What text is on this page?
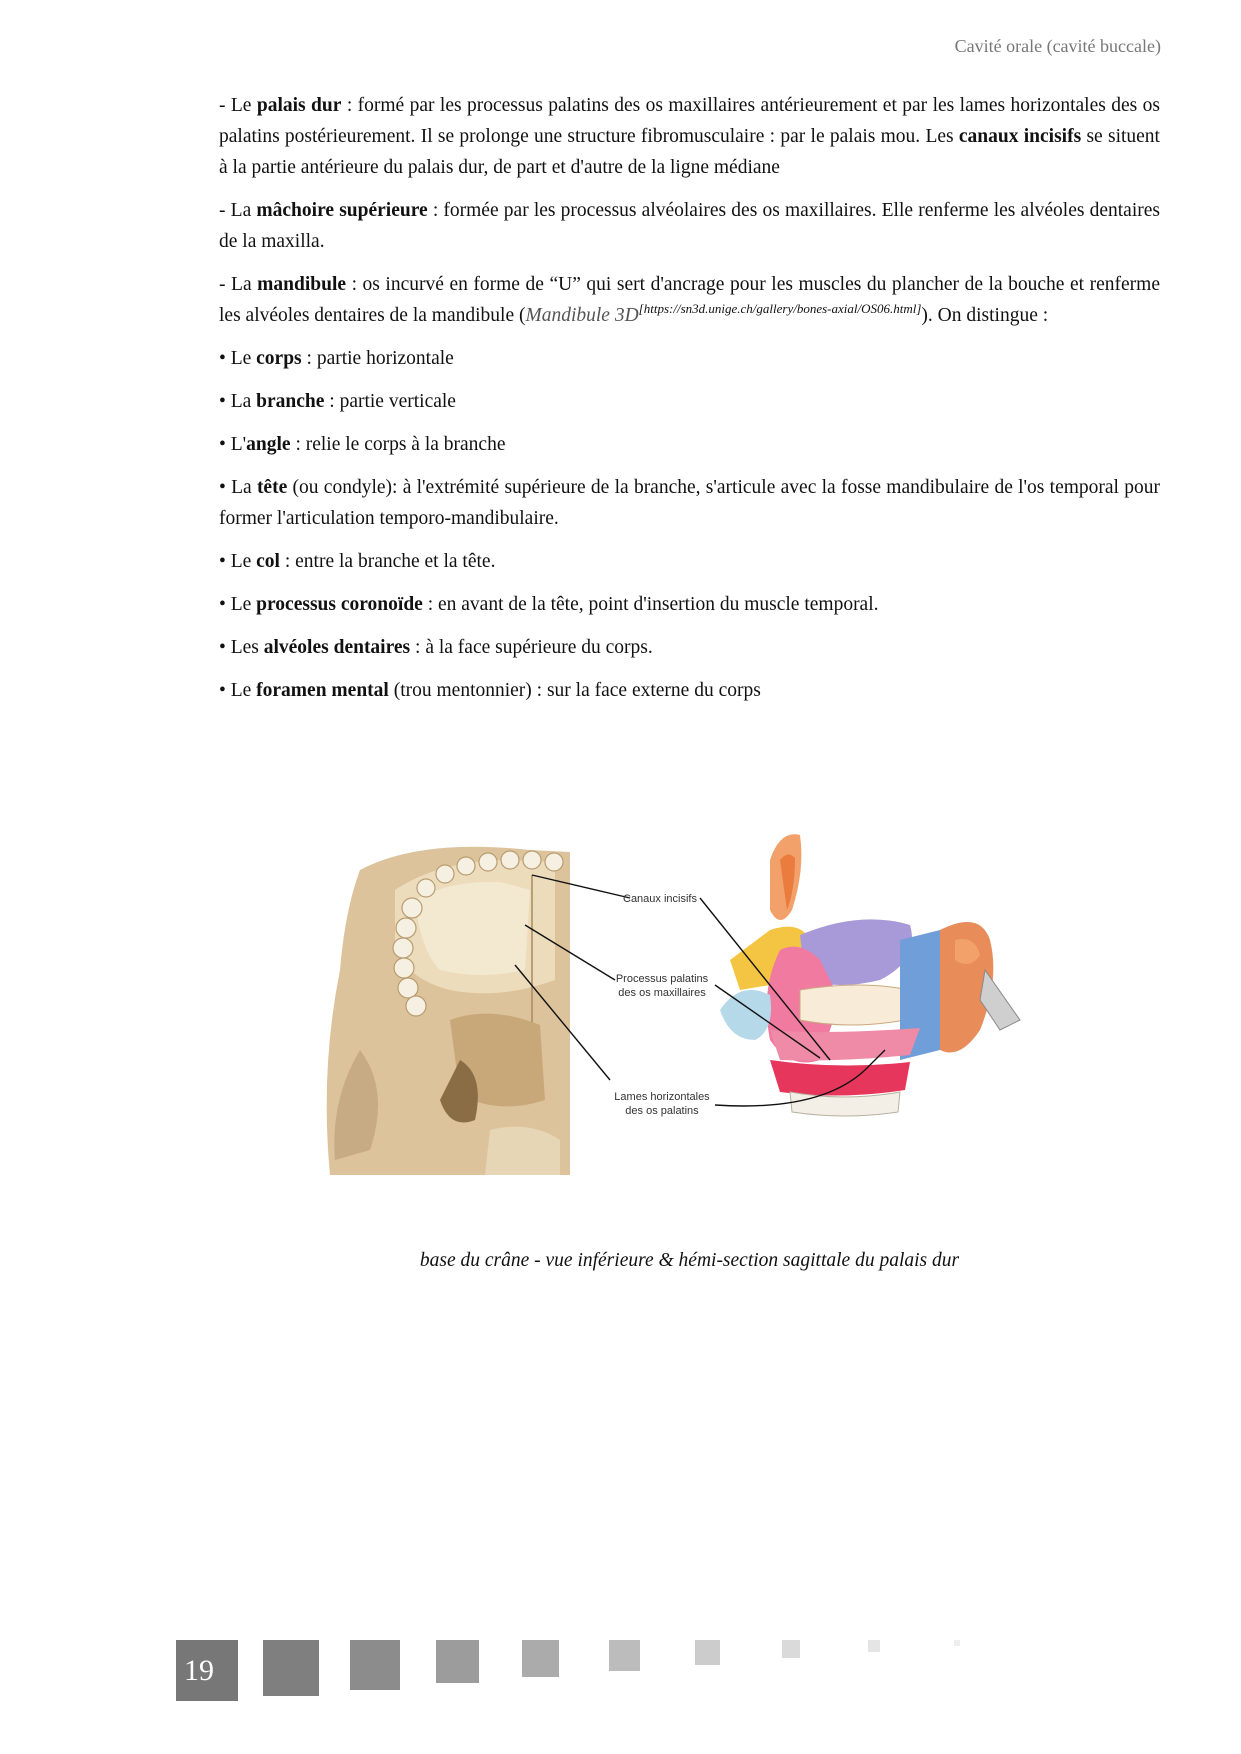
Cavité orale (cavité buccale)

- Le palais dur : formé par les processus palatins des os maxillaires antérieurement et par les lames horizontales des os palatins postérieurement. Il se prolonge une structure fibromusculaire : par le palais mou. Les canaux incisifs se situent à la partie antérieure du palais dur, de part et d'autre de la ligne médiane

- La mâchoire supérieure : formée par les processus alvéolaires des os maxillaires. Elle renferme les alvéoles dentaires de la maxilla.

- La mandibule : os incurvé en forme de “U” qui sert d'ancrage pour les muscles du plancher de la bouche et renferme les alvéoles dentaires de la mandibule (Mandibule 3D[https://sn3d.unige.ch/gallery/bones-axial/OS06.html]). On distingue :

• Le corps : partie horizontale

• La branche : partie verticale

• L'angle : relie le corps à la branche

• La tête (ou condyle): à l'extrémité supérieure de la branche, s'articule avec la fosse mandibulaire de l'os temporal pour former l'articulation temporo-mandibulaire.

• Le col : entre la branche et la tête.

• Le processus coronoïde : en avant de la tête, point d'insertion du muscle temporal.

• Les alvéoles dentaires : à la face supérieure du corps.

• Le foramen mental (trou mentonnier) : sur la face externe du corps

Canaux incisifs
Processus palatins
des os maxillaires
Lames horizontales
des os palatins
base du crâne - vue inférieure & hémi-section sagittale du palais dur
19
